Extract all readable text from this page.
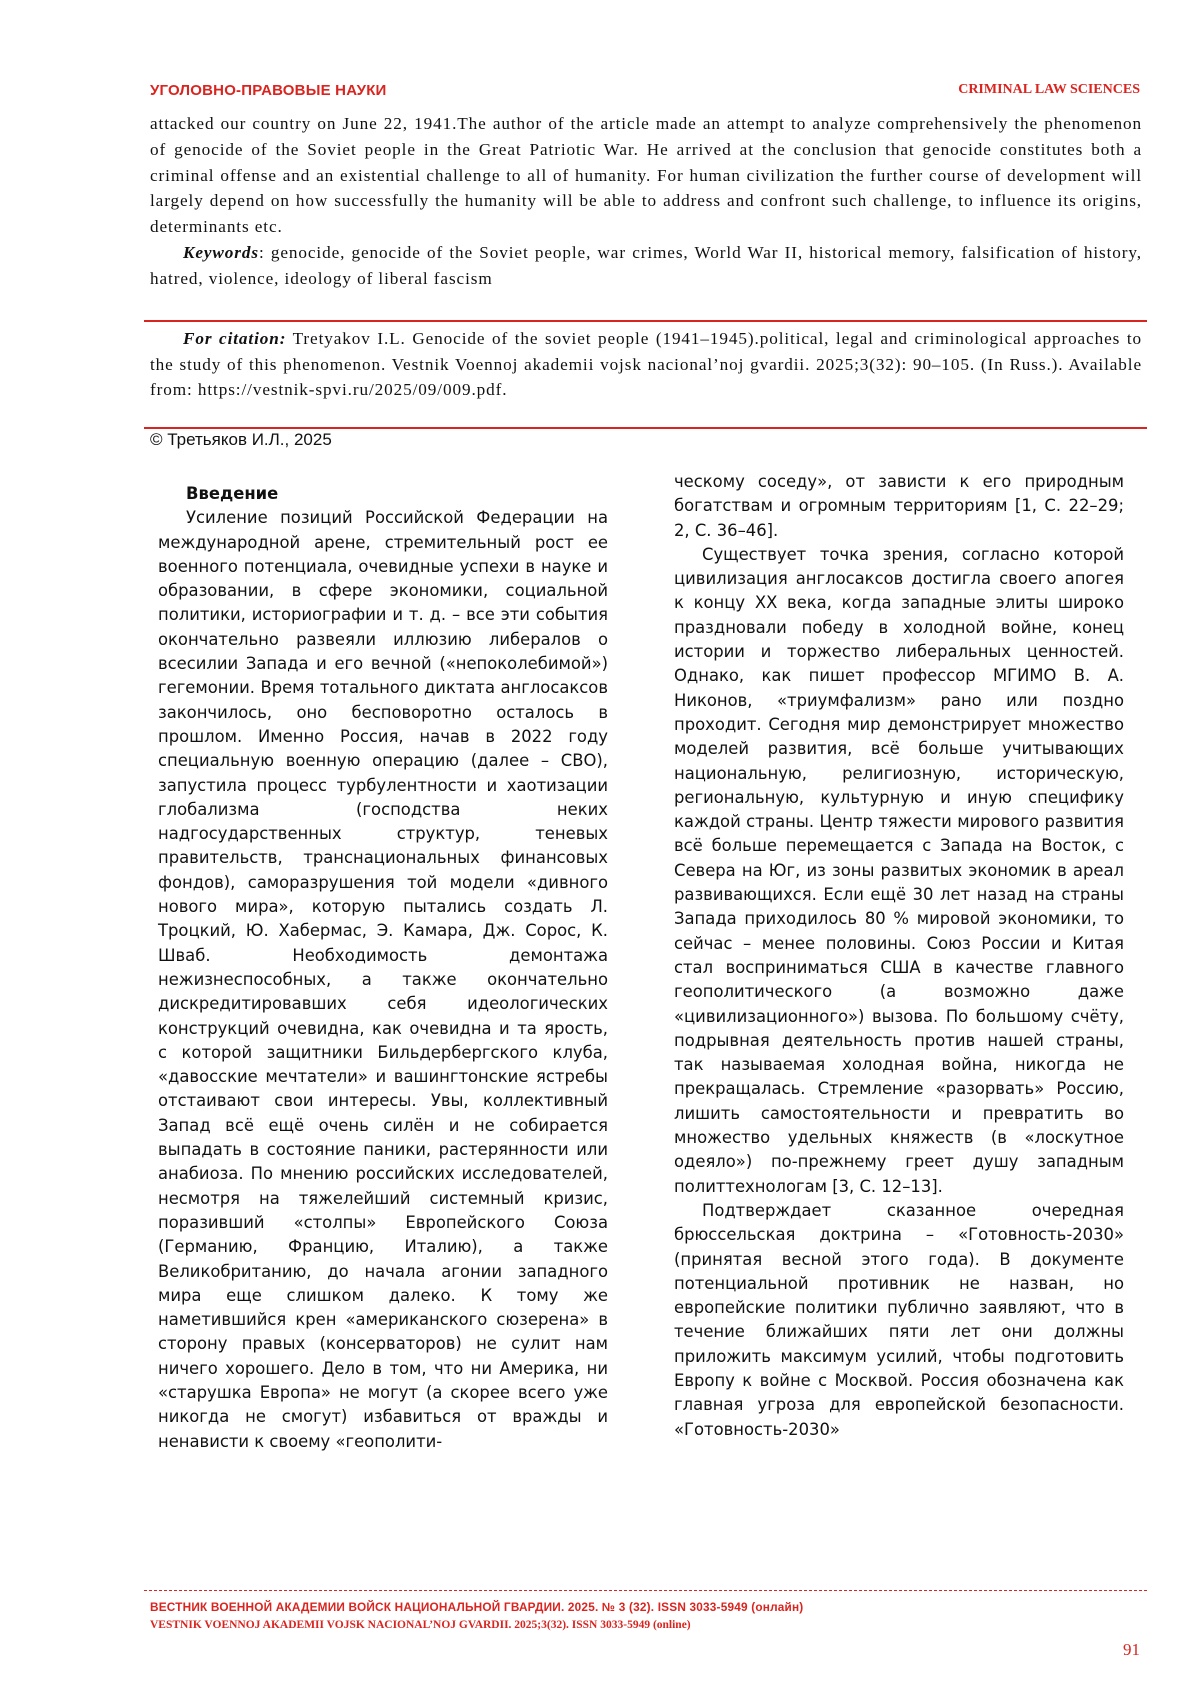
УГОЛОВНО-ПРАВОВЫЕ НАУКИ	CRIMINAL LAW SCIENCES

attacked our country on June 22, 1941.The author of the article made an attempt to analyze comprehensively the phenomenon of genocide of the Soviet people in the Great Patriotic War. He arrived at the conclusion that genocide constitutes both a criminal offense and an existential challenge to all of humanity. For human civilization the further course of development will largely depend on how successfully the humanity will be able to address and confront such challenge, to influence its origins, determinants etc.

Keywords: genocide, genocide of the Soviet people, war crimes, World War II, historical memory, falsification of history, hatred, violence, ideology of liberal fascism

For citation: Tretyakov I.L. Genocide of the soviet people (1941–1945).political, legal and criminological approaches to the study of this phenomenon. Vestnik Voennoj akademii vojsk nacional’noj gvardii. 2025;3(32): 90–105. (In Russ.). Available from: https://vestnik-spvi.ru/2025/09/009.pdf.

© Третьяков И.Л., 2025

Введение

Усиление позиций Российской Федерации на международной арене, стремительный рост ее военного потенциала, очевидные успехи в науке и образовании, в сфере экономики, социальной политики, историографии и т. д. – все эти события окончательно развеяли иллюзию либералов о всесилии Запада и его вечной («непоколебимой») гегемонии. Время тотального диктата англосаксов закончилось, оно бесповоротно осталось в прошлом. Именно Россия, начав в 2022 году специальную военную операцию (далее – СВО), запустила процесс турбулентности и хаотизации глобализма (господства неких надгосударственных структур, теневых правительств, транснациональных финансовых фондов), саморазрушения той модели «дивного нового мира», которую пытались создать Л. Троцкий, Ю. Хабермас, Э. Камара, Дж. Сорос, К. Шваб. Необходимость демонтажа нежизнеспособных, а также окончательно дискредитировавших себя идеологических конструкций очевидна, как очевидна и та ярость, с которой защитники Бильдербергского клуба, «давосские мечтатели» и вашингтонские ястребы отстаивают свои интересы. Увы, коллективный Запад всё ещё очень силён и не собирается выпадать в состояние паники, растерянности или анабиоза. По мнению российских исследователей, несмотря на тяжелейший системный кризис, поразивший «столпы» Европейского Союза (Германию, Францию, Италию), а также Великобританию, до начала агонии западного мира еще слишком далеко. К тому же наметившийся крен «американского сюзерена» в сторону правых (консерваторов) не сулит нам ничего хорошего. Дело в том, что ни Америка, ни «старушка Европа» не могут (а скорее всего уже никогда не смогут) избавиться от вражды и ненависти к своему «геополити-

ческому соседу», от зависти к его природным богатствам и огромным территориям [1, С. 22–29; 2, С. 36–46].

Существует точка зрения, согласно которой цивилизация англосаксов достигла своего апогея к концу XX века, когда западные элиты широко праздновали победу в холодной войне, конец истории и торжество либеральных ценностей. Однако, как пишет профессор МГИМО В. А. Никонов, «триумфализм» рано или поздно проходит. Сегодня мир демонстрирует множество моделей развития, всё больше учитывающих национальную, религиозную, историческую, региональную, культурную и иную специфику каждой страны. Центр тяжести мирового развития всё больше перемещается с Запада на Восток, с Севера на Юг, из зоны развитых экономик в ареал развивающихся. Если ещё 30 лет назад на страны Запада приходилось 80 % мировой экономики, то сейчас – менее половины. Союз России и Китая стал восприниматься США в качестве главного геополитического (а возможно даже «цивилизационного») вызова. По большому счёту, подрывная деятельность против нашей страны, так называемая холодная война, никогда не прекращалась. Стремление «разорвать» Россию, лишить самостоятельности и превратить во множество удельных княжеств (в «лоскутное одеяло») по-прежнему греет душу западным политтехнологам [3, С. 12–13].

Подтверждает сказанное очередная брюссельская доктрина – «Готовность-2030» (принятая весной этого года). В документе потенциальной противник не назван, но европейские политики публично заявляют, что в течение ближайших пяти лет они должны приложить максимум усилий, чтобы подготовить Европу к войне с Москвой. Россия обозначена как главная угроза для европейской безопасности. «Готовность-2030»

ВЕСТНИК ВОЕННОЙ АКАДЕМИИ ВОЙСК НАЦИОНАЛЬНОЙ ГВАРДИИ. 2025. № 3 (32). ISSN 3033-5949 (онлайн)

VESTNIK VOENNOJ AKADEMII VOJSK NACIONAL’NOJ GVARDII. 2025;3(32). ISSN 3033-5949 (online)

91
